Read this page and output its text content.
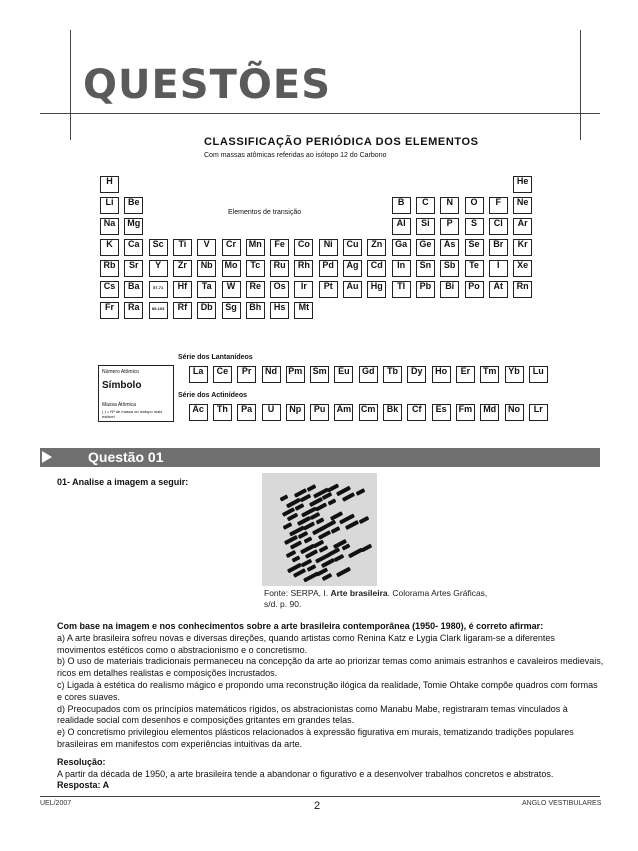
QUESTÕES
CLASSIFICAÇÃO PERIÓDICA DOS ELEMENTOS
Com massas atômicas referidas ao isótopo 12 do Carbono
H	He
Li	Be	B	C	N	O	F	Ne
Na	Mg	Al	Si	P	S	Cl	Ar
K	Ca	Sc	Ti	V	Cr	Mn	Fe	Co	Ni	Cu	Zn	Ga Ge	As	Se	Br	Kr
Rb	Sr	Y	Zr	Nb Mo	Tc	Ru Rh	Pd	Ag Cd	In	Sn	Sb	Te	I	Xe
Cs	Ba	57-71	Hf	Ta	W	Re	Os	Ir	Pt	Au Hg	Tl	Pb	Bi	Po	At	Rn
Fr	Ra	89-103	Rf	Db	Sg	Bh	Hs	Mt
La	Ce	Pr	Nd Pm Sm	Eu	Gd	Tb	Dy	Ho	Er	Tm	Yb	Lu
Ac	Th	Pa	U	Np	Pu	Am Cm	Bk	Cf	Es	Fm Md No	Lr
Número Atômico
Símbolo
Massa Atômica
( ) = Nº de massa do isótopo mais estável
Série dos Lantanídeos
Série dos Actinídeos
Elementos de transição
Questão 01
01- Analise a imagem a seguir:
Fonte: SERPA, I. Arte brasileira. Colorama Artes Gráficas,
s/d. p. 90.

Com base na imagem e nos conhecimentos sobre a arte brasileira contemporânea (1950- 1980), é correto afirmar:

a) A arte brasileira sofreu novas e diversas direções, quando artistas como Renina Katz e Lygia Clark ligaram-se a diferentes movimentos estéticos como o abstracionismo e o concretismo.

b) O uso de materiais tradicionais permaneceu na concepção da arte ao priorizar temas como animais estranhos e cavaleiros medievais, ricos em detalhes realistas e composições incrustados.

c) Ligada à estética do realismo mágico e propondo uma reconstrução ilógica da realidade, Tomie Ohtake compõe quadros com formas e cores suaves.

d) Preocupados com os princípios matemáticos rígidos, os abstracionistas como Manabu Mabe, registraram temas vinculados à realidade social com desenhos e composições gritantes em grandes telas.

e) O concretismo privilegiou elementos plásticos relacionados à expressão figurativa em murais, tematizando tradições populares brasileiras em manifestos com experiências intuitivas da arte.

Resolução:

A partir da década de 1950, a arte brasileira tende a abandonar o figurativo e a desenvolver trabalhos concretos e abstratos.

Resposta: A

UEL/2007	2	ANGLO VESTIBULARES
